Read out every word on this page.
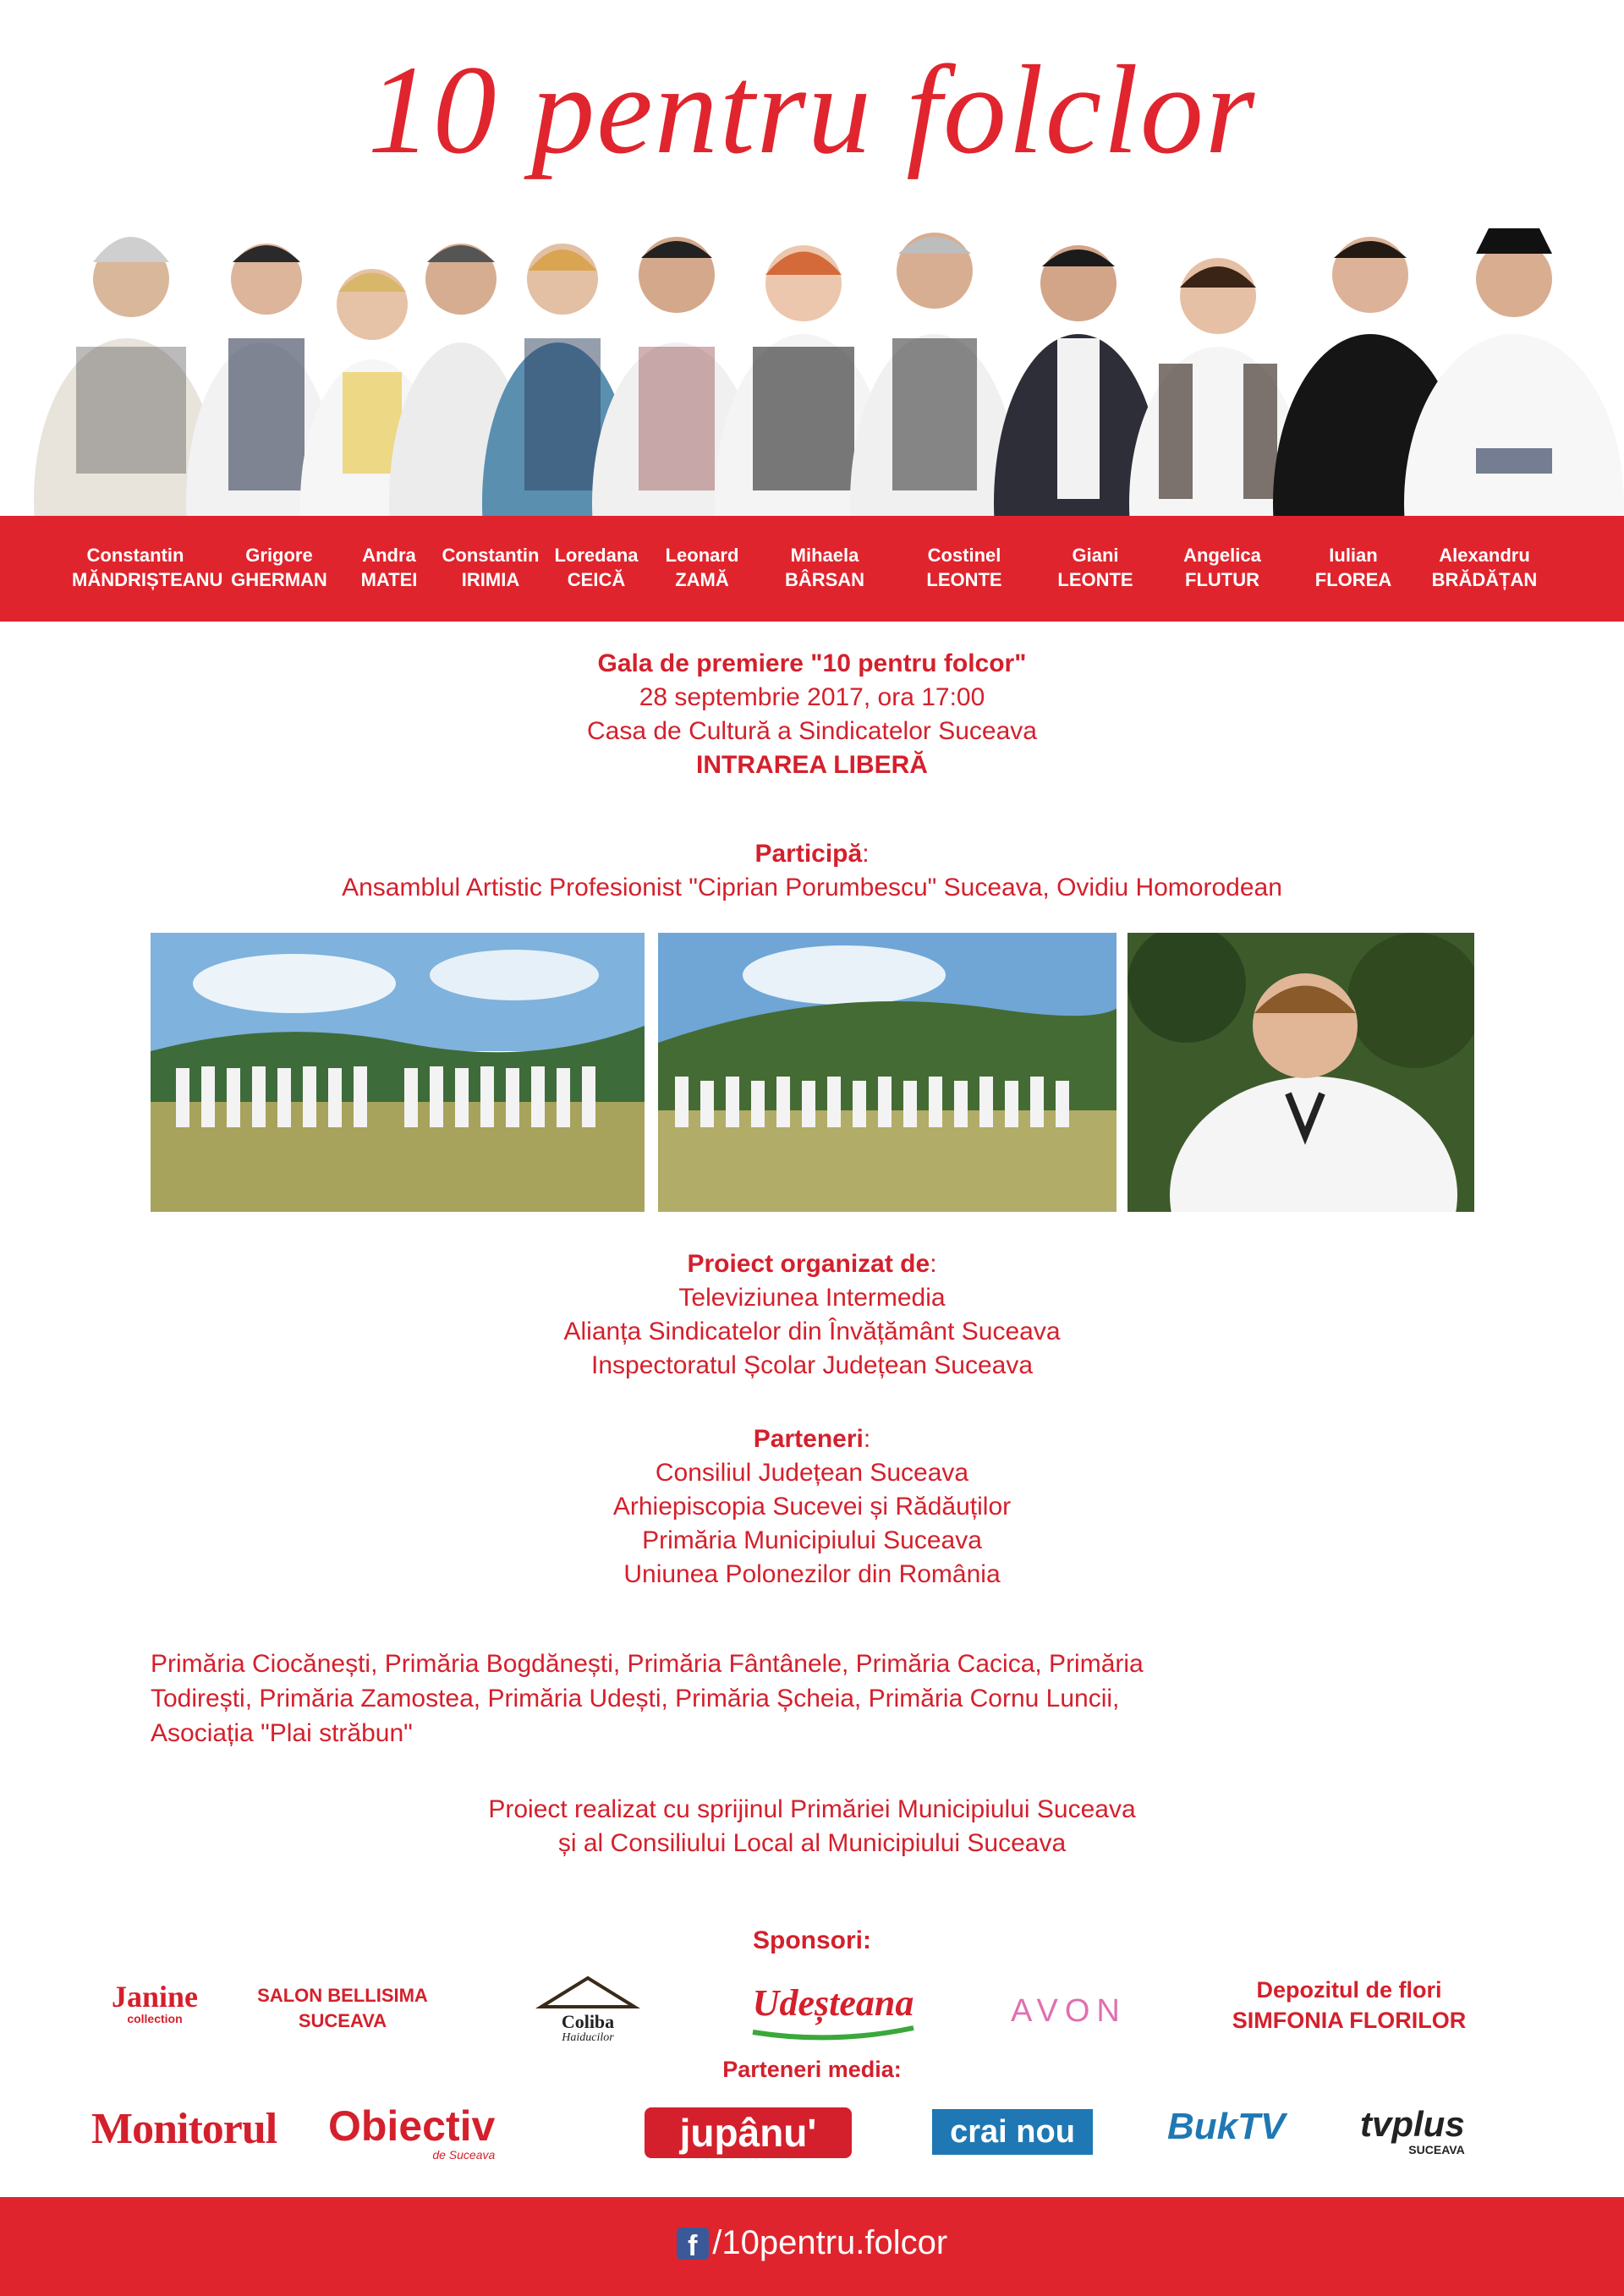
10 pentru folclor
Constantin
MĂNDRIȘTEANU
Grigore
GHERMAN
Andra
MATEI
Constantin
IRIMIA
Loredana
CEICĂ
Leonard
ZAMĂ
Mihaela
BÂRSAN
Costinel
LEONTE
Giani
LEONTE
Angelica
FLUTUR
Iulian
FLOREA
Alexandru
BRĂDĂȚAN
Gala de premiere "10 pentru folcor"
28 septembrie 2017, ora 17:00
Casa de Cultură a Sindicatelor Suceava
INTRAREA LIBERĂ
Participă:
Ansamblul Artistic Profesionist "Ciprian Porumbescu" Suceava, Ovidiu Homorodean
Proiect organizat de:
Televiziunea Intermedia
Alianța Sindicatelor din Învățământ Suceava
Inspectoratul Școlar Județean Suceava
Parteneri:
Consiliul Județean Suceava
Arhiepiscopia Sucevei și Rădăuților
Primăria Municipiului Suceava
Uniunea Polonezilor din România
Primăria Ciocănești, Primăria Bogdănești, Primăria Fântânele, Primăria Cacica, Primăria
Todirești, Primăria Zamostea, Primăria Udești, Primăria Șcheia, Primăria Cornu Luncii,
Asociația "Plai străbun"
Proiect realizat cu sprijinul Primăriei Municipiului Suceava
și al Consiliului Local al Municipiului Suceava
Sponsori:
Janine
collection
SALON BELLISIMA
SUCEAVA	Coliba
Haiducilor
Udeșteana	AVON
Depozitul de flori
SIMFONIA FLORILOR
Parteneri media:
Monitorul Obiectiv
de Suceava	jupânu'	crai nou	BukTV tvplus
SUCEAVA
f /10pentru.folcor
